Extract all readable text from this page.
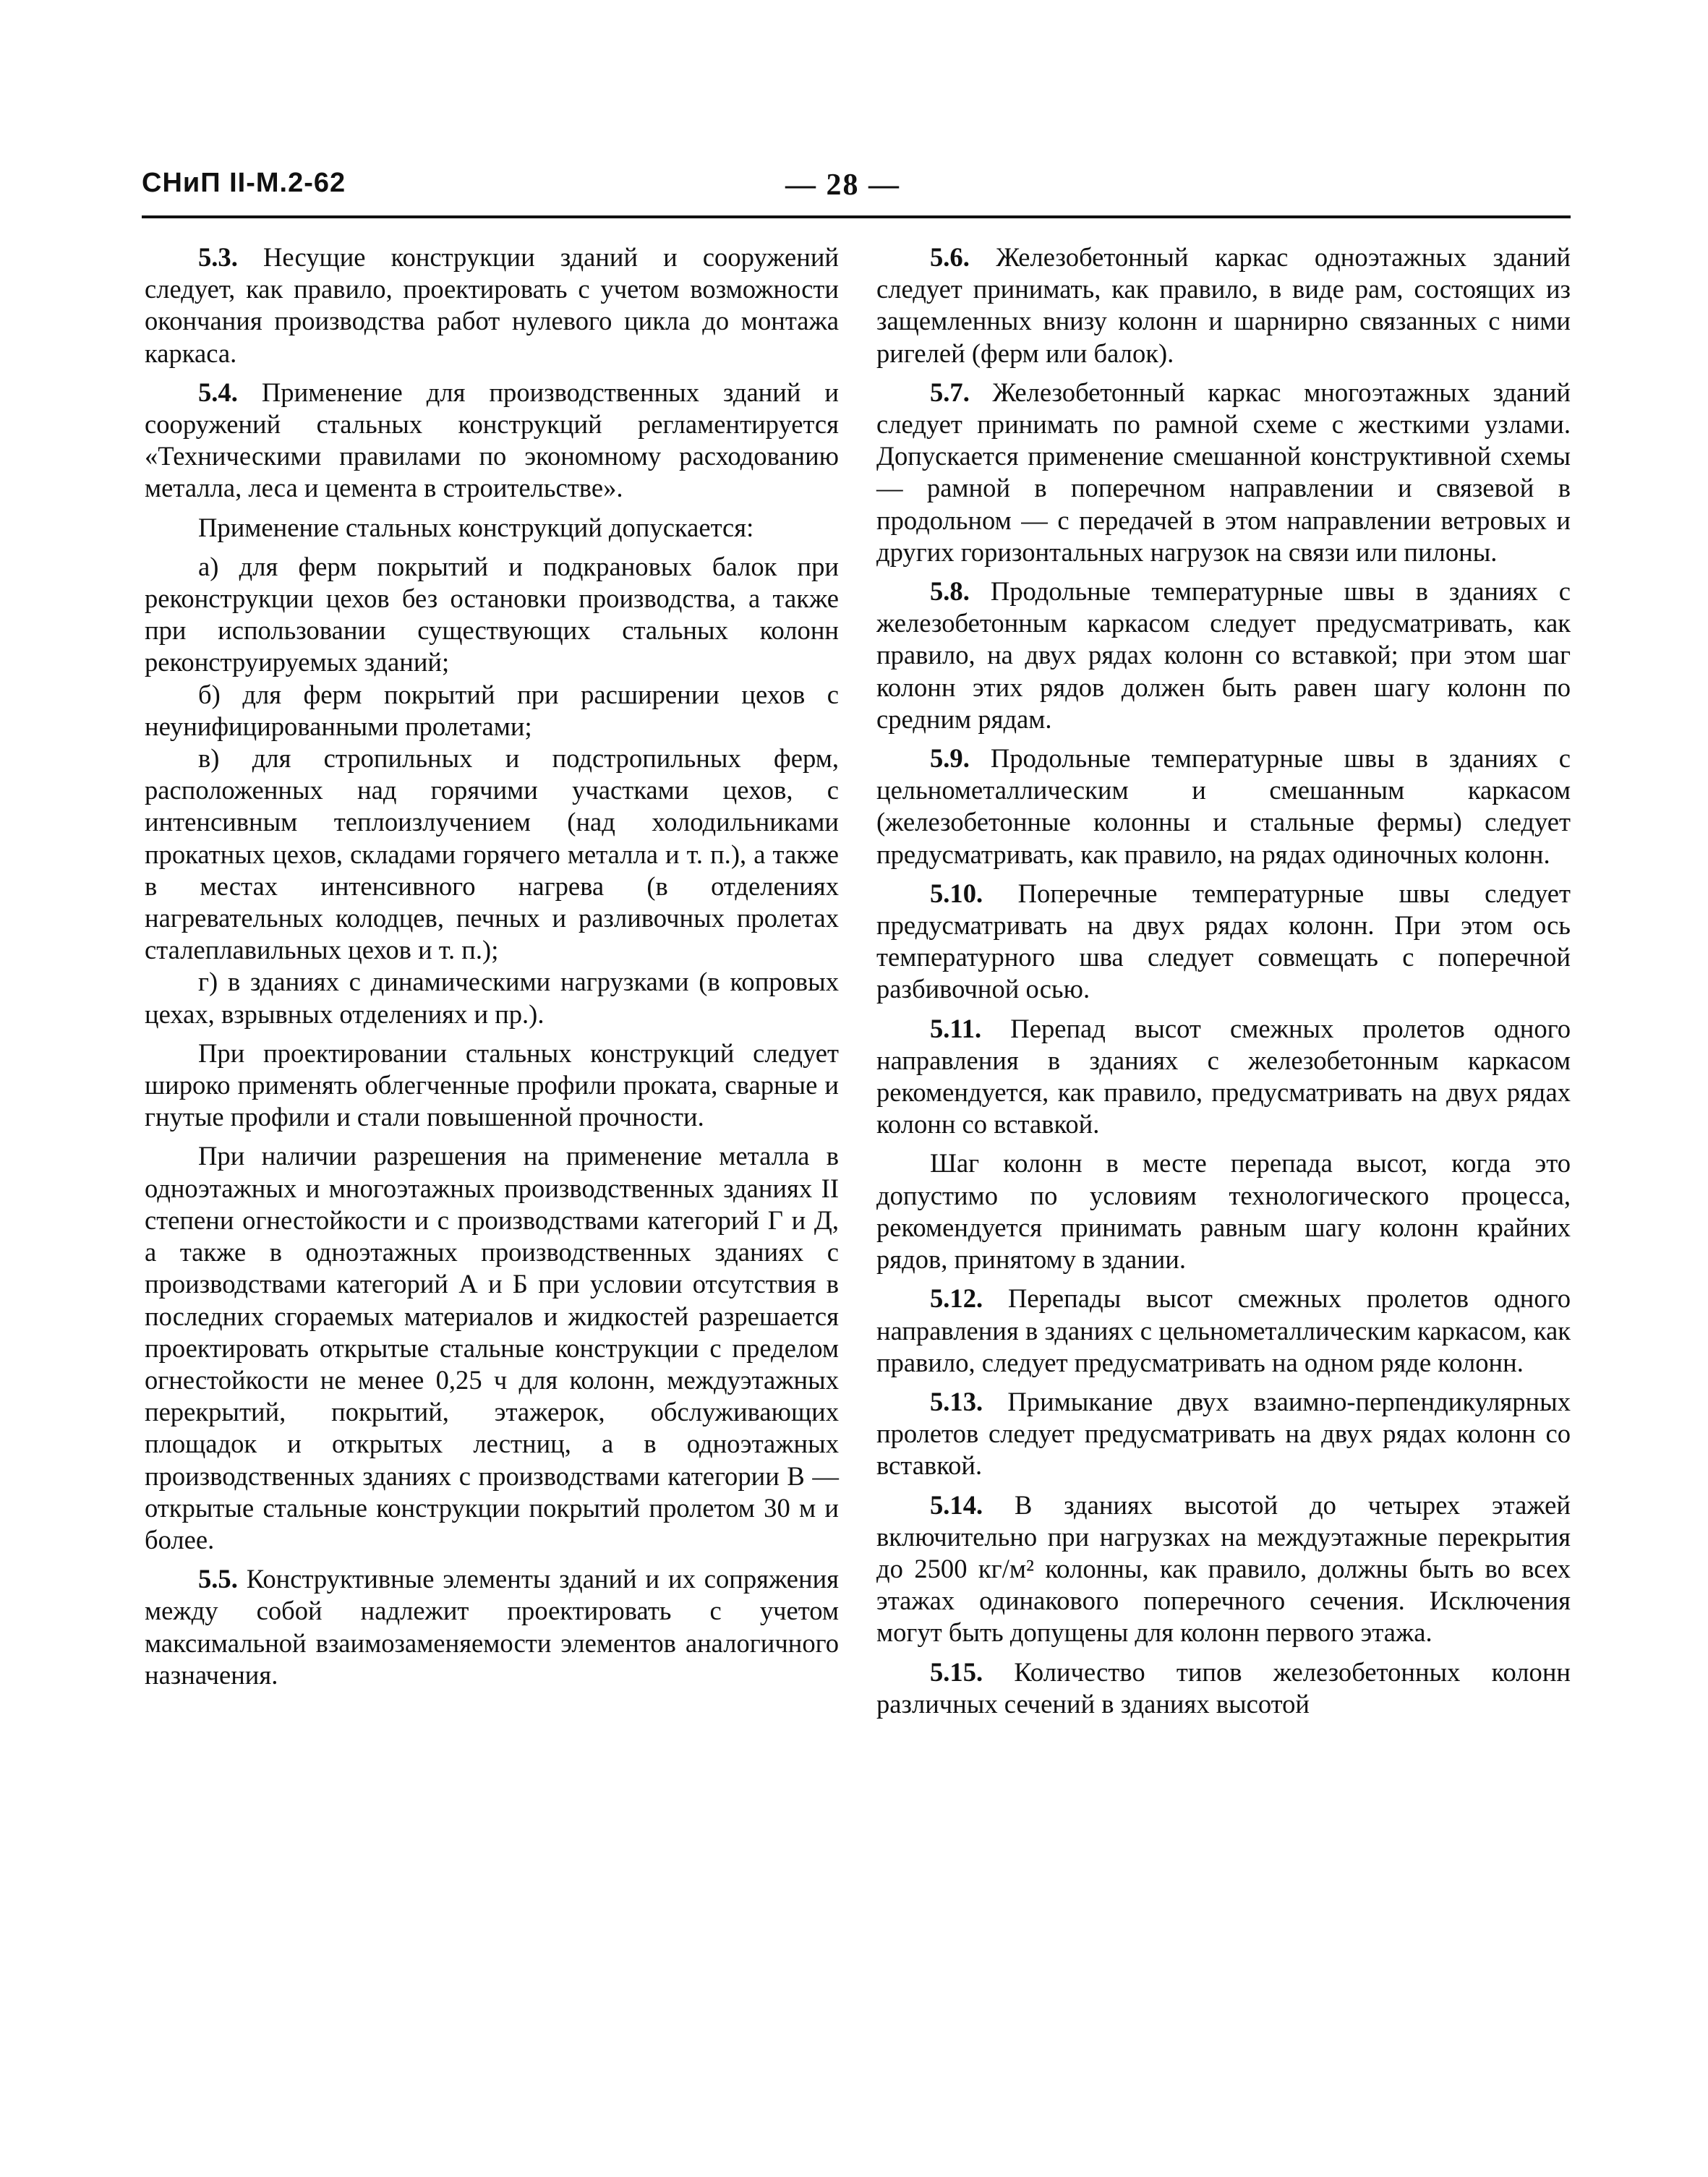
СНиП II-М.2-62	— 28 —

5.3. Несущие конструкции зданий и сооружений следует, как правило, проектировать с учетом возможности окончания производства работ нулевого цикла до монтажа каркаса.

5.4. Применение для производственных зданий и сооружений стальных конструкций регламентируется «Техническими правилами по экономному расходованию металла, леса и цемента в строительстве».

Применение стальных конструкций допускается:

а) для ферм покрытий и подкрановых балок при реконструкции цехов без остановки производства, а также при использовании существующих стальных колонн реконструируемых зданий;

б) для ферм покрытий при расширении цехов с неунифицированными пролетами;

в) для стропильных и подстропильных ферм, расположенных над горячими участками цехов, с интенсивным теплоизлучением (над холодильниками прокатных цехов, складами горячего металла и т. п.), а также в местах интенсивного нагрева (в отделениях нагревательных колодцев, печных и разливочных пролетах сталеплавильных цехов и т. п.);

г) в зданиях с динамическими нагрузками (в копровых цехах, взрывных отделениях и пр.).

При проектировании стальных конструкций следует широко применять облегченные профили проката, сварные и гнутые профили и стали повышенной прочности.

При наличии разрешения на применение металла в одноэтажных и многоэтажных производственных зданиях II степени огнестойкости и с производствами категорий Г и Д, а также в одноэтажных производственных зданиях с производствами категорий А и Б при условии отсутствия в последних сгораемых материалов и жидкостей разрешается проектировать открытые стальные конструкции с пределом огнестойкости не менее 0,25 ч для колонн, междуэтажных перекрытий, покрытий, этажерок, обслуживающих площадок и открытых лестниц, а в одноэтажных производственных зданиях с производствами категории В — открытые стальные конструкции покрытий пролетом 30 м и более.

5.5. Конструктивные элементы зданий и их сопряжения между собой надлежит проектировать с учетом максимальной взаимозаменяемости элементов аналогичного назначения.

5.6. Железобетонный каркас одноэтажных зданий следует принимать, как правило, в виде рам, состоящих из защемленных внизу колонн и шарнирно связанных с ними ригелей (ферм или балок).

5.7. Железобетонный каркас многоэтажных зданий следует принимать по рамной схеме с жесткими узлами. Допускается применение смешанной конструктивной схемы — рамной в поперечном направлении и связевой в продольном — с передачей в этом направлении ветровых и других горизонтальных нагрузок на связи или пилоны.

5.8. Продольные температурные швы в зданиях с железобетонным каркасом следует предусматривать, как правило, на двух рядах колонн со вставкой; при этом шаг колонн этих рядов должен быть равен шагу колонн по средним рядам.

5.9. Продольные температурные швы в зданиях с цельнометаллическим и смешанным каркасом (железобетонные колонны и стальные фермы) следует предусматривать, как правило, на рядах одиночных колонн.

5.10. Поперечные температурные швы следует предусматривать на двух рядах колонн. При этом ось температурного шва следует совмещать с поперечной разбивочной осью.

5.11. Перепад высот смежных пролетов одного направления в зданиях с железобетонным каркасом рекомендуется, как правило, предусматривать на двух рядах колонн со вставкой.

Шаг колонн в месте перепада высот, когда это допустимо по условиям технологического процесса, рекомендуется принимать равным шагу колонн крайних рядов, принятому в здании.

5.12. Перепады высот смежных пролетов одного направления в зданиях с цельнометаллическим каркасом, как правило, следует предусматривать на одном ряде колонн.

5.13. Примыкание двух взаимно-перпендикулярных пролетов следует предусматривать на двух рядах колонн со вставкой.

5.14. В зданиях высотой до четырех этажей включительно при нагрузках на междуэтажные перекрытия до 2500 кг/м² колонны, как правило, должны быть во всех этажах одинакового поперечного сечения. Исключения могут быть допущены для колонн первого этажа.

5.15. Количество типов железобетонных колонн различных сечений в зданиях высотой
